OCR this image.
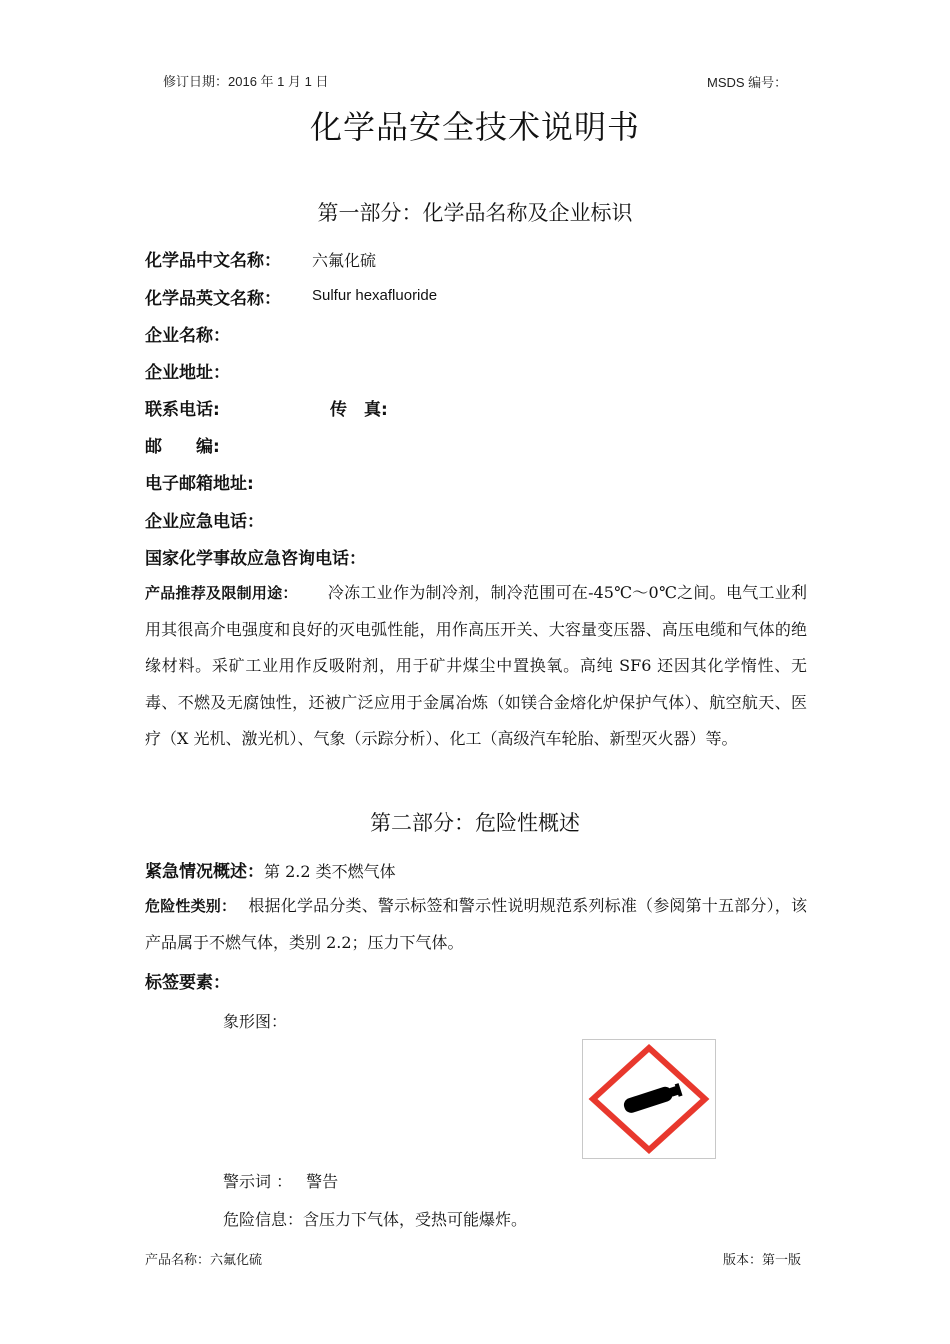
修订日期：2016 年 1 月 1 日	MSDS 编号：
化学品安全技术说明书
第一部分：化学品名称及企业标识
化学品中文名称： 六氟化硫
化学品英文名称： Sulfur hexafluoride
企业名称：
企业地址：
联系电话:	传　真:
邮　　编:
电子邮箱地址:
企业应急电话：
国家化学事故应急咨询电话：
产品推荐及限制用途： 冷冻工业作为制冷剂，制冷范围可在-45℃～0℃之间。电气工业利用其很高介电强度和良好的灭电弧性能，用作高压开关、大容量变压器、高压电缆和气体的绝缘材料。采矿工业用作反吸附剂，用于矿井煤尘中置换氧。高纯 SF6 还因其化学惰性、无毒、不燃及无腐蚀性，还被广泛应用于金属冶炼（如镁合金熔化炉保护气体）、航空航天、医疗（X 光机、激光机）、气象（示踪分析）、化工（高级汽车轮胎、新型灭火器）等。
第二部分：危险性概述
紧急情况概述：第 2.2 类不燃气体
危险性类别： 根据化学品分类、警示标签和警示性说明规范系列标准（参阅第十五部分），该产品属于不燃气体，类别 2.2；压力下气体。
标签要素：
象形图：
警示词 ： 警告
危险信息：含压力下气体，受热可能爆炸。
产品名称：六氟化硫	版本：第一版
